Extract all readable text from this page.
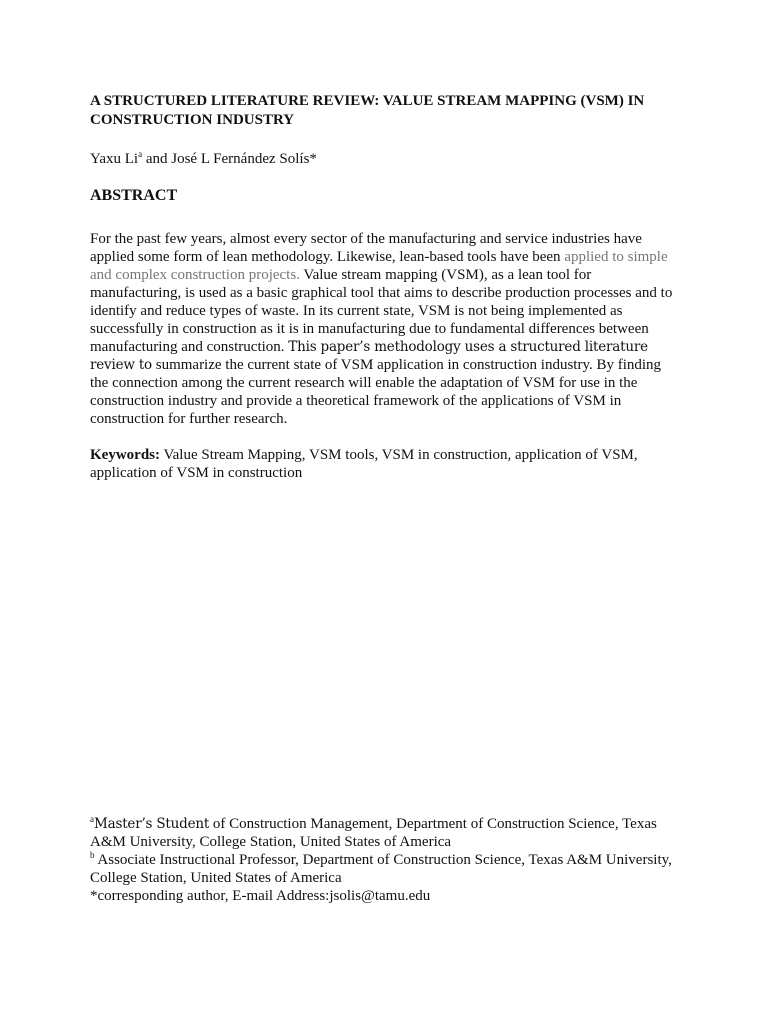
A STRUCTURED LITERATURE REVIEW: VALUE STREAM MAPPING (VSM) IN CONSTRUCTION INDUSTRY
Yaxu Li$^a$ and José L Fernández Solís*
ABSTRACT
For the past few years, almost every sector of the manufacturing and service industries have applied some form of lean methodology. Likewise, lean-based tools have been applied to simple and complex construction projects. Value stream mapping (VSM), as a lean tool for manufacturing, is used as a basic graphical tool that aims to describe production processes and to identify and reduce types of waste. In its current state, VSM is not being implemented as successfully in construction as it is in manufacturing due to fundamental differences between manufacturing and construction. This paper’s methodology uses a structured literature review to summarize the current state of VSM application in construction industry. By finding the connection among the current research will enable the adaptation of VSM for use in the construction industry and provide a theoretical framework of the applications of VSM in construction for further research.
Keywords: Value Stream Mapping, VSM tools, VSM in construction, application of VSM, application of VSM in construction

$^a$Master’s Student of Construction Management, Department of Construction Science, Texas A&M University, College Station, United States of America

$^b$ Associate Instructional Professor, Department of Construction Science, Texas A&M University, College Station, United States of America

*corresponding author, E-mail Address:jsolis@tamu.edu
